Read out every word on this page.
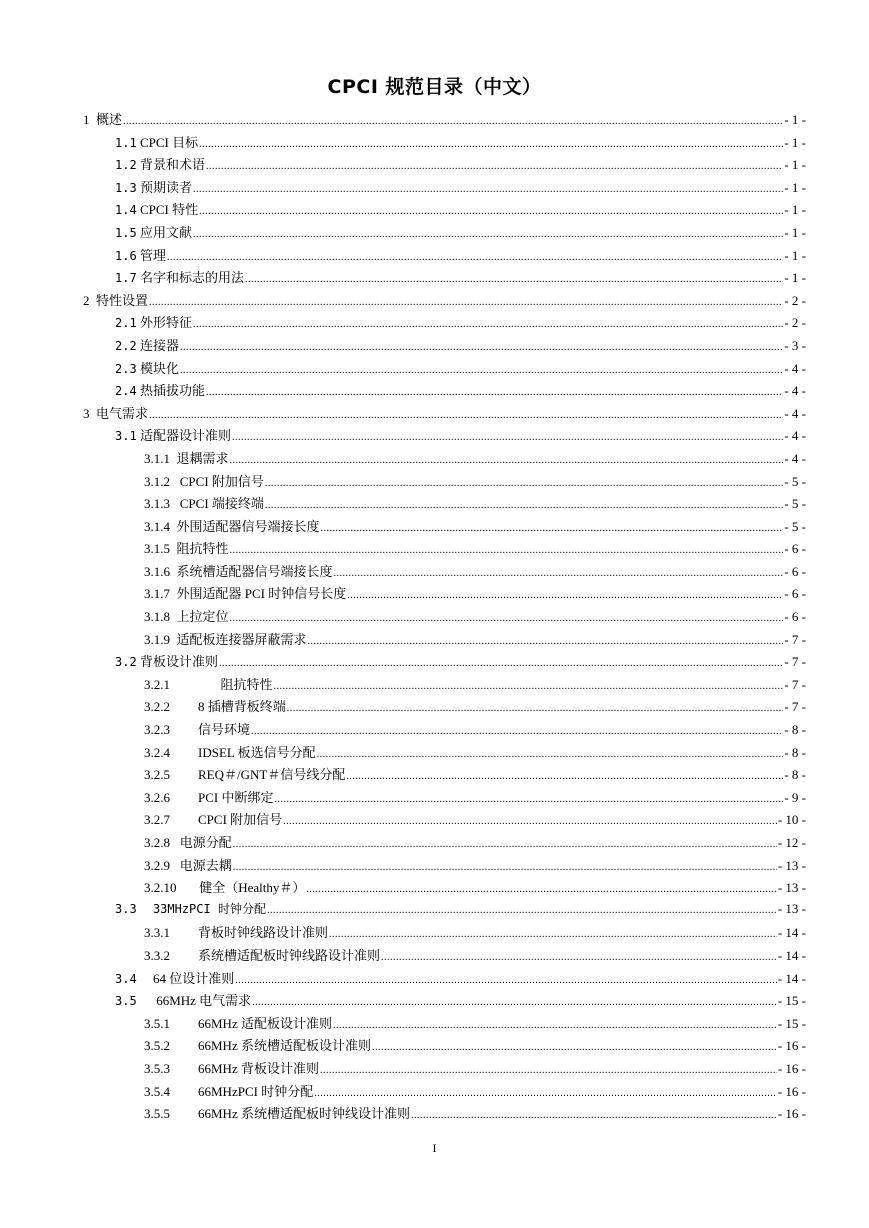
CPCI 规范目录（中文）
1 概述 .....	- 1 -
1.1 CPCI 目标 .....	- 1 -
1.2 背景和术语 .....	- 1 -
1.3 预期读者 .....	- 1 -
1.4 CPCI 特性 .....	- 1 -
1.5 应用文献 .....	- 1 -
1.6 管理 .....	- 1 -
1.7 名字和标志的用法 .....	- 1 -
2 特性设置 .....	- 2 -
2.1 外形特征 .....	- 2 -
2.2 连接器 .....	- 3 -
2.3 模块化 .....	- 4 -
2.4 热插拔功能 .....	- 4 -
3 电气需求 .....	- 4 -
3.1 适配器设计准则 .....	- 4 -
3.1.1 退耦需求 .....	- 4 -
3.1.2   CPCI 附加信号 .....	- 5 -
3.1.3   CPCI 端接终端 .....	- 5 -
3.1.4 外围适配器信号端接长度 .....	- 5 -
3.1.5 阻抗特性 .....	- 6 -
3.1.6 系统槽适配器信号端接长度 .....	- 6 -
3.1.7 外围适配器 PCI 时钟信号长度 .....	- 6 -
3.1.8 上拉定位 .....	- 6 -
3.1.9 适配板连接器屏蔽需求 .....	- 7 -
3.2 背板设计准则 .....	- 7 -
3.2.1      阻抗特性 .....	- 7 -
3.2.2 8 插槽背板终端 .....	- 7 -
3.2.3 信号环境 .....	- 8 -
3.2.4 IDSEL 板选信号分配 .....	- 8 -
3.2.5 REQ＃/GNT＃信号线分配 .....	- 8 -
3.2.6 PCI 中断绑定 .....	- 9 -
3.2.7 CPCI 附加信号 .....	- 10 -
3.2.8 电源分配 .....	- 12 -
3.2.9 电源去耦 .....	- 13 -
3.2.10 健全（Healthy＃） .....	- 13 -
3.3 33MHzPCI 时钟分配 .....	- 13 -
3.3.1 背板时钟线路设计准则 .....	- 14 -
3.3.2 系统槽适配板时钟线路设计准则 .....	- 14 -
3.4 64 位设计准则 .....	- 14 -
3.5 66MHz 电气需求 .....	- 15 -
3.5.1 66MHz 适配板设计准则 .....	- 15 -
3.5.2 66MHz 系统槽适配板设计准则 .....	- 16 -
3.5.3 66MHz 背板设计准则 .....	- 16 -
3.5.4 66MHzPCI 时钟分配 .....	- 16 -
3.5.5 66MHz 系统槽适配板时钟线设计准则 .....	- 16 -
I
